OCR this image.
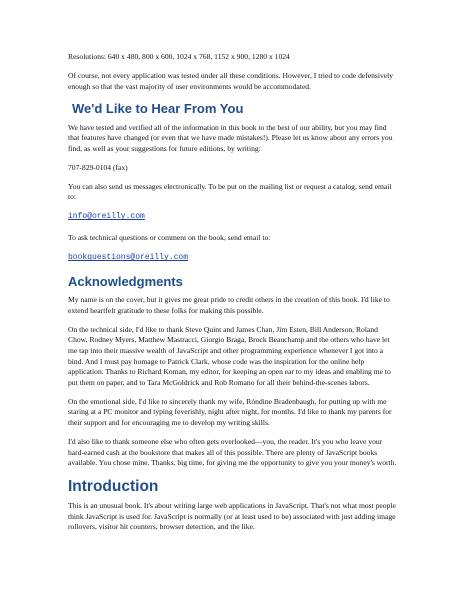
Resolutions: 640 x 480, 800 x 600, 1024 x 768, 1152 x 900, 1280 x 1024

Of course, not every application was tested under all these conditions. However, I tried to code defensively enough so that the vast majority of user environments would be accommodated.

We'd Like to Hear From You

We have tested and verified all of the information in this book to the best of our ability, but you may find that features have changed (or even that we have made mistakes!). Please let us know about any errors you find, as well as your suggestions for future editions, by writing:

707-829-0104 (fax)

You can also send us messages electronically. To be put on the mailing list or request a catalog, send email to:

info@oreilly.com

To ask technical questions or comment on the book, send email to:

bookquestions@oreilly.com

Acknowledgments

My name is on the cover, but it gives me great pride to credit others in the creation of this book. I'd like to extend heartfelt gratitude to these folks for making this possible.

On the technical side, I'd like to thank Steve Quint and James Chan, Jim Esten, Bill Anderson, Roland Chow, Rodney Myers, Matthew Mastracci, Giorgio Braga, Brock Beauchamp and the others who have let me tap into their massive wealth of JavaScript and other programming experience whenever I got into a bind. And I must pay homage to Patrick Clark, whose code was the inspiration for the online help application. Thanks to Richard Koman, my editor, for keeping an open ear to my ideas and enabling me to put them on paper, and to Tara McGoldrick and Rob Romano for all their behind-the-scenes labors.

On the emotional side, I'd like to sincerely thank my wife, Róndine Bradenbaugh, for putting up with me staring at a PC monitor and typing feverishly, night after night, for months. I'd like to thank my parents for their support and for encouraging me to develop my writing skills.

I'd also like to thank someone else who often gets overlooked—you, the reader. It's you who leave your hard-earned cash at the bookstore that makes all of this possible. There are plenty of JavaScript books available. You chose mine. Thanks, big time, for giving me the opportunity to give you your money's worth.

Introduction

This is an unusual book. It's about writing large web applications in JavaScript. That's not what most people think JavaScript is used for. JavaScript is normally (or at least used to be) associated with just adding image rollovers, visitor hit counters, browser detection, and the like.
